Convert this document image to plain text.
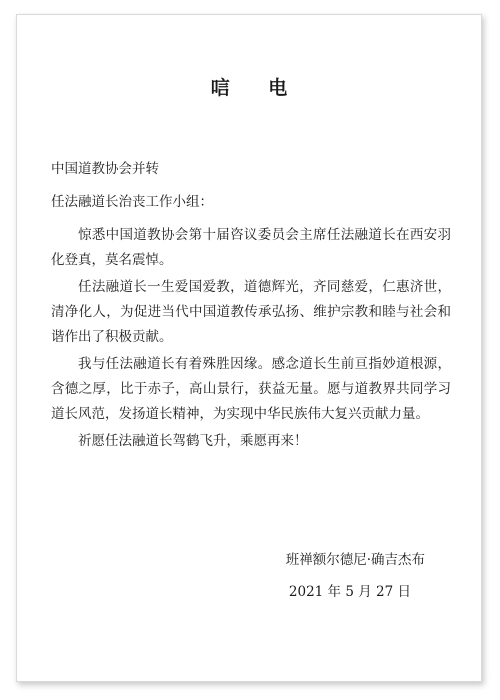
唁 电
中国道教协会并转
任法融道长治丧工作小组：

惊悉中国道教协会第十届咨议委员会主席任法融道长在西安羽化登真，莫名震悼。

任法融道长一生爱国爱教，道德辉光，齐同慈爱，仁惠济世，清净化人，为促进当代中国道教传承弘扬、维护宗教和睦与社会和谐作出了积极贡献。

我与任法融道长有着殊胜因缘。感念道长生前亘指妙道根源，含德之厚，比于赤子，高山景行，获益无量。愿与道教界共同学习道长风范，发扬道长精神，为实现中华民族伟大复兴贡献力量。

祈愿任法融道长驾鹤飞升，乘愿再来！

班禅额尔德尼·确吉杰布
2021 年 5 月 27 日
